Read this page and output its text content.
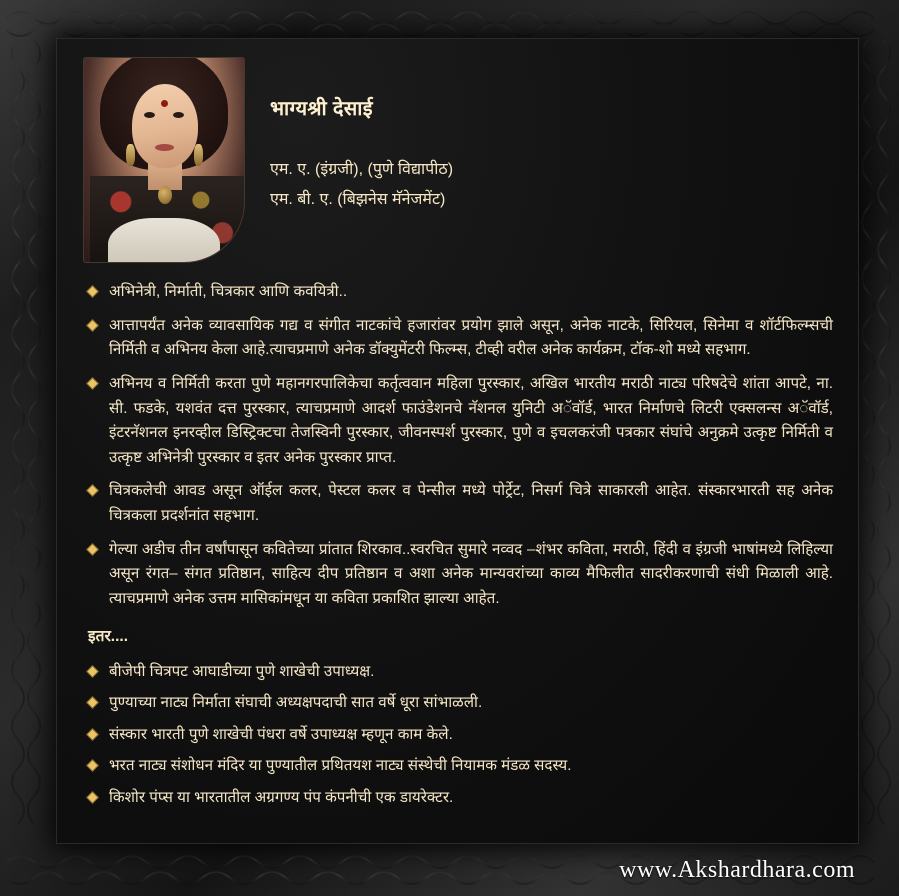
भाग्यश्री देसाई
एम. ए. (इंग्रजी), (पुणे विद्यापीठ)
एम. बी. ए. (बिझनेस मॅनेजमेंट)
अभिनेत्री, निर्माती, चित्रकार आणि कवयित्री..
आत्तापर्यंत अनेक व्यावसायिक गद्य व संगीत नाटकांचे हजारांवर प्रयोग झाले असून, अनेक नाटके, सिरियल, सिनेमा व शॉर्टफिल्म्सची निर्मिती व अभिनय केला आहे.त्याचप्रमाणे अनेक डॉक्युमेंटरी फिल्म्स, टीव्ही वरील अनेक कार्यक्रम, टॉक-शो मध्ये सहभाग.
अभिनय व निर्मिती करता पुणे महानगरपालिकेचा कर्तृत्ववान महिला पुरस्कार, अखिल भारतीय मराठी नाट्य परिषदेचे शांता आपटे, ना. सी. फडके, यशवंत दत्त पुरस्कार, त्याचप्रमाणे आदर्श फाउंडेशनचे नॅशनल युनिटी अॅवॉर्ड, भारत निर्माणचे लिटरी एक्सलन्स अॅवॉर्ड, इंटरनॅशनल इनरव्हील डिस्ट्रिक्टचा तेजस्विनी पुरस्कार, जीवनस्पर्श पुरस्कार, पुणे व इचलकरंजी पत्रकार संघांचे अनुक्रमे उत्कृष्ट निर्मिती व उत्कृष्ट अभिनेत्री पुरस्कार व इतर अनेक पुरस्कार प्राप्त.
चित्रकलेची आवड असून ऑईल कलर, पेस्टल कलर व पेन्सील मध्ये पोर्ट्रेट, निसर्ग चित्रे साकारली आहेत. संस्कारभारती सह अनेक चित्रकला प्रदर्शनांत सहभाग.
गेल्या अडीच तीन वर्षांपासून कवितेच्या प्रांतात शिरकाव..स्वरचित सुमारे नव्वद –शंभर कविता, मराठी, हिंदी व इंग्रजी भाषांमध्ये लिहिल्या असून रंगत– संगत प्रतिष्ठान, साहित्य दीप प्रतिष्ठान व अशा अनेक मान्यवरांच्या काव्य मैफिलीत सादरीकरणाची संधी मिळाली आहे. त्याचप्रमाणे अनेक उत्तम मासिकांमधून या कविता प्रकाशित झाल्या आहेत.
इतर....
बीजेपी चित्रपट आघाडीच्या पुणे शाखेची उपाध्यक्ष.
पुण्याच्या नाट्य निर्माता संघाची अध्यक्षपदाची सात वर्षे धूरा सांभाळली.
संस्कार भारती पुणे शाखेची पंधरा वर्षे उपाध्यक्ष म्हणून काम केले.
भरत नाट्य संशोधन मंदिर या पुण्यातील प्रथितयश नाट्य संस्थेची नियामक मंडळ सदस्य.
किशोर पंप्स या भारतातील अग्रगण्य पंप कंपनीची एक डायरेक्टर.
www.Akshardhara.com
